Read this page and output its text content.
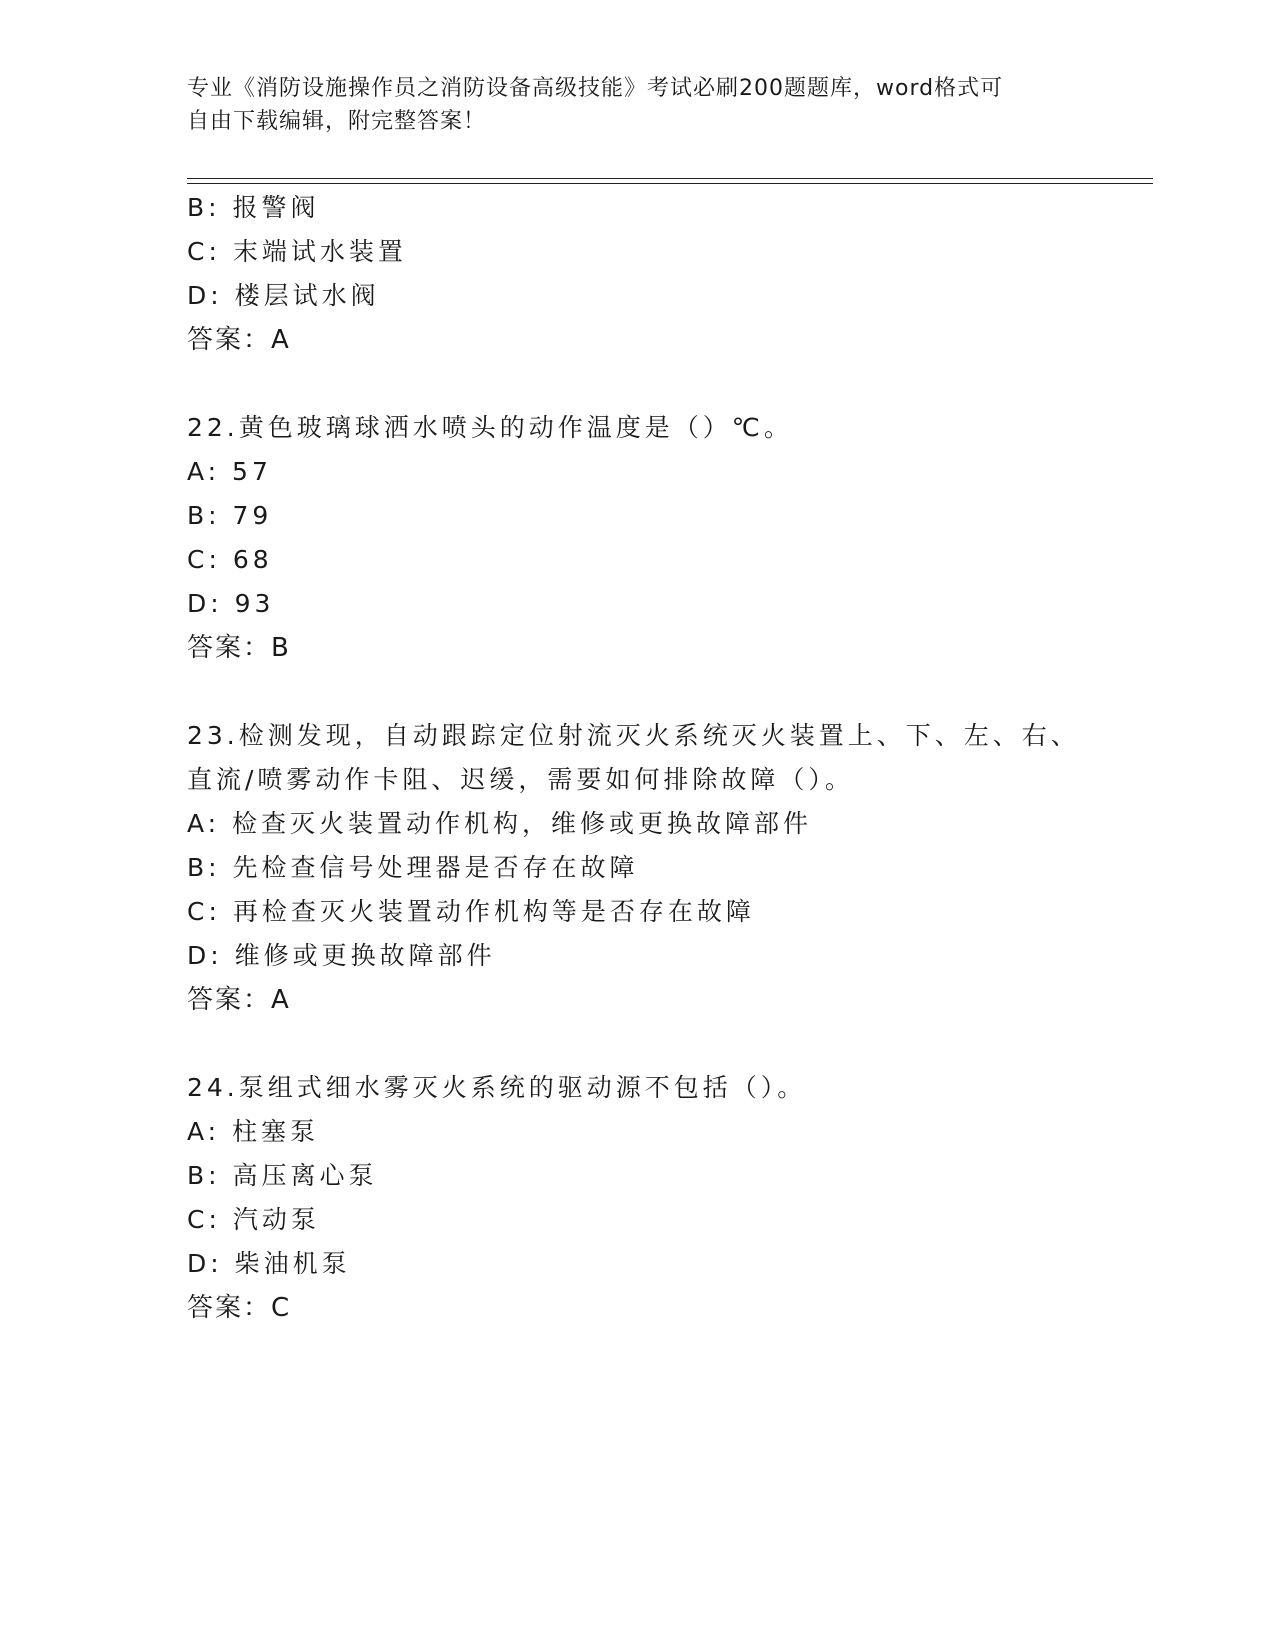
专业《消防设施操作员之消防设备高级技能》考试必刷200题题库，word格式可
自由下载编辑，附完整答案！
B: 报警阀
C: 末端试水装置
D: 楼层试水阀
答案：A
22.黄色玻璃球洒水喷头的动作温度是（）℃。
A: 57
B: 79
C: 68
D: 93
答案：B
23.检测发现，自动跟踪定位射流灭火系统灭火装置上、下、左、右、
直流/喷雾动作卡阻、迟缓，需要如何排除故障（）。
A: 检查灭火装置动作机构，维修或更换故障部件
B: 先检查信号处理器是否存在故障
C: 再检查灭火装置动作机构等是否存在故障
D: 维修或更换故障部件
答案：A
24.泵组式细水雾灭火系统的驱动源不包括（）。
A: 柱塞泵
B: 高压离心泵
C: 汽动泵
D: 柴油机泵
答案：C
